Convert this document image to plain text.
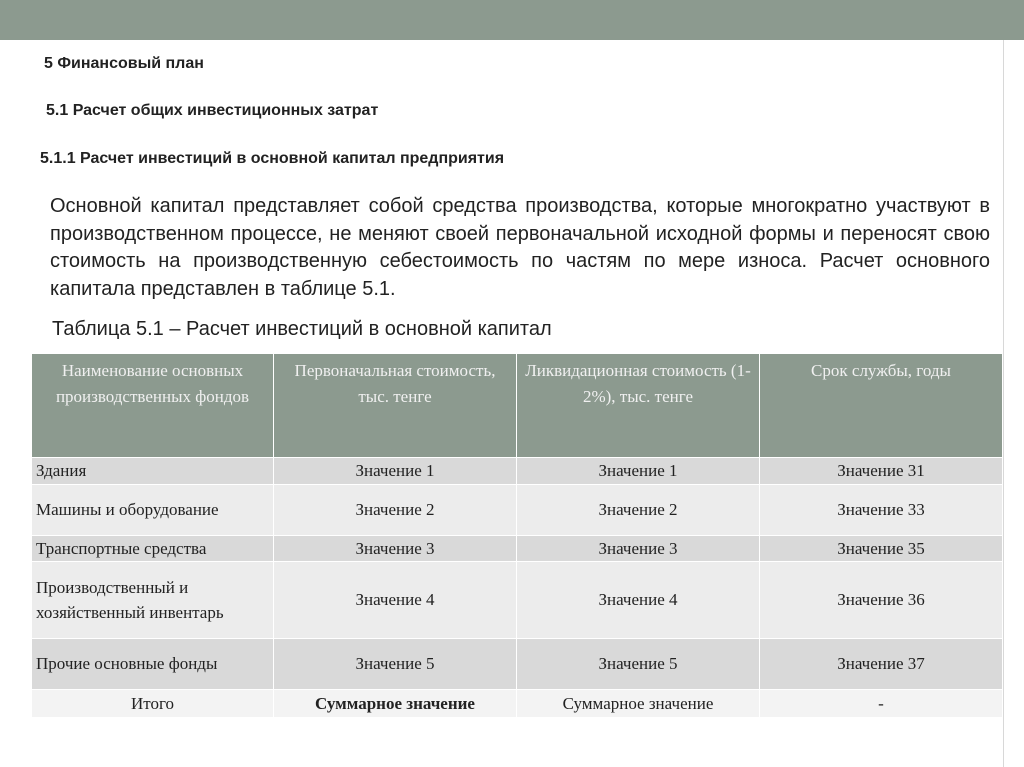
5 Финансовый план
5.1 Расчет общих инвестиционных затрат
5.1.1 Расчет инвестиций в основной капитал предприятия
Основной капитал представляет собой средства производства, которые многократно участвуют в производственном процессе, не меняют своей первоначальной исходной формы и переносят свою стоимость на производственную себестоимость по частям по мере износа. Расчет основного капитала представлен в таблице 5.1.
Таблица 5.1 – Расчет инвестиций в основной капитал
Наименование основных производственных фондов	Первоначальная стоимость, тыс. тенге	Ликвидационная стоимость (1-2%), тыс. тенге	Срок службы, годы
Здания	Значение 1	Значение 1	Значение 31
Машины и оборудование	Значение 2	Значение 2	Значение 33
Транспортные средства	Значение 3	Значение 3	Значение 35
Производственный и хозяйственный инвентарь	Значение 4	Значение 4	Значение 36
Прочие основные фонды	Значение 5	Значение 5	Значение 37
Итого	Суммарное значение	Суммарное значение	-
